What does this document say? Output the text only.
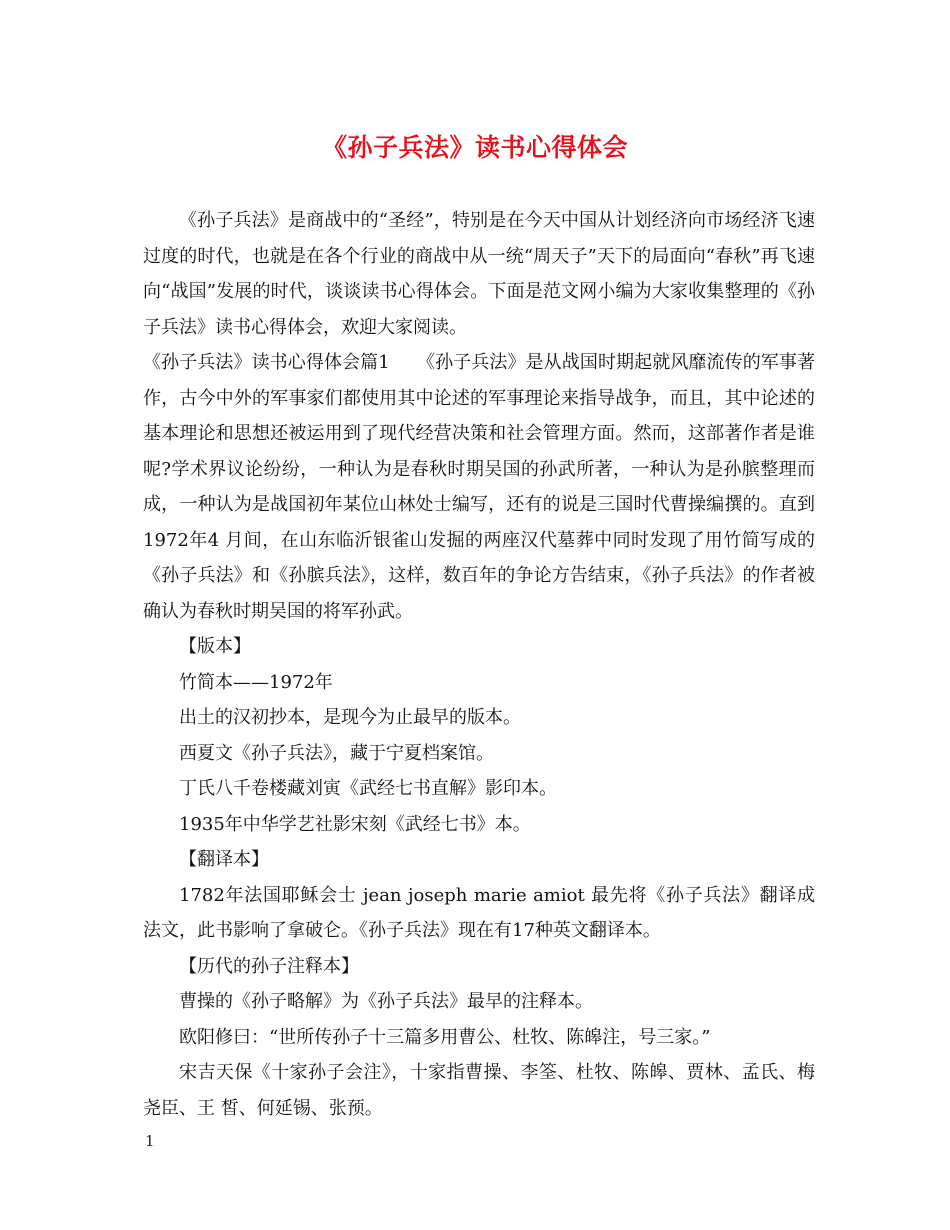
《孙子兵法》读书心得体会

《孙子兵法》是商战中的“圣经”，特别是在今天中国从计划经济向市场经济飞速过度的时代，也就是在各个行业的商战中从一统“周天子”天下的局面向“春秋”再飞速向“战国”发展的时代，谈谈读书心得体会。下面是范文网小编为大家收集整理的《孙子兵法》读书心得体会，欢迎大家阅读。

《孙子兵法》读书心得体会篇1　　《孙子兵法》是从战国时期起就风靡流传的军事著作，古今中外的军事家们都使用其中论述的军事理论来指导战争，而且，其中论述的基本理论和思想还被运用到了现代经营决策和社会管理方面。然而，这部著作者是谁呢?学术界议论纷纷，一种认为是春秋时期吴国的孙武所著，一种认为是孙膑整理而成，一种认为是战国初年某位山林处士编写，还有的说是三国时代曹操编撰的。直到1972年4 月间，在山东临沂银雀山发掘的两座汉代墓葬中同时发现了用竹简写成的《孙子兵法》和《孙膑兵法》，这样，数百年的争论方告结束，《孙子兵法》的作者被确认为春秋时期吴国的将军孙武。

【版本】

竹简本——1972年

出土的汉初抄本，是现今为止最早的版本。

西夏文《孙子兵法》，藏于宁夏档案馆。

丁氏八千卷楼藏刘寅《武经七书直解》影印本。

1935年中华学艺社影宋刻《武经七书》本。

【翻译本】

1782年法国耶稣会士 jean joseph marie amiot 最先将《孙子兵法》翻译成法文，此书影响了拿破仑。《孙子兵法》现在有17种英文翻译本。

【历代的孙子注释本】

曹操的《孙子略解》为《孙子兵法》最早的注释本。

欧阳修曰：“世所传孙子十三篇多用曹公、杜牧、陈皞注，号三家。”

宋吉天保《十家孙子会注》，十家指曹操、李筌、杜牧、陈皞、贾林、孟氏、梅尧臣、王 皙、何延锡、张预。

1
